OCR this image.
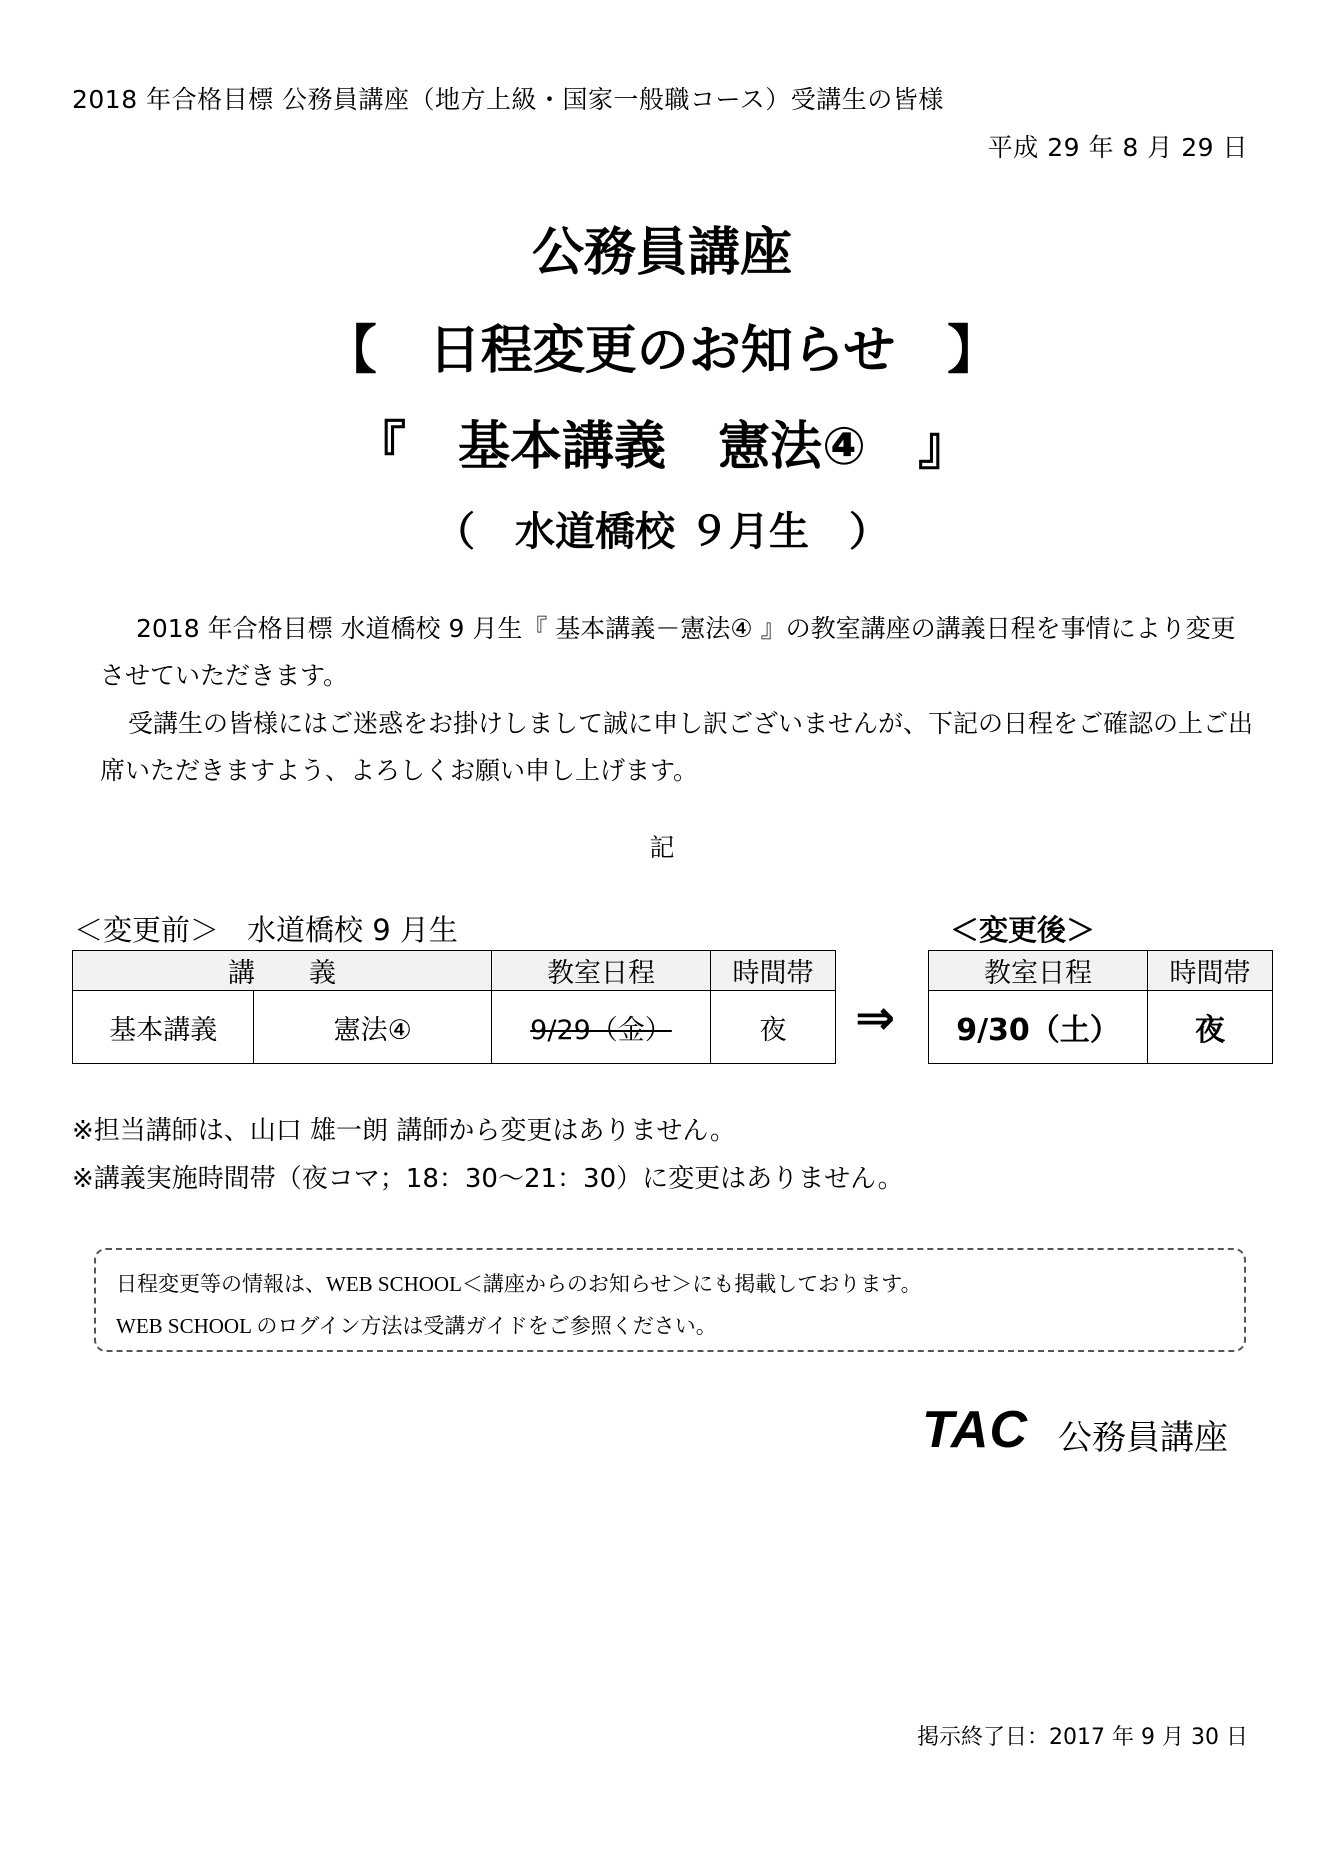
2018 年合格目標 公務員講座（地方上級・国家一般職コース）受講生の皆様
平成 29 年 8 月 29 日
公務員講座
【　日程変更のお知らせ　】
『　基本講義　憲法④　』
（　水道橋校 ９月生　）
2018 年合格目標 水道橋校 9 月生『 基本講義－憲法④ 』の教室講座の講義日程を事情により変更させていただきます。
受講生の皆様にはご迷惑をお掛けしまして誠に申し訳ございませんが、下記の日程をご確認の上ご出席いただきますよう、よろしくお願い申し上げます。
記
＜変更前＞ 水道橋校 9 月生	＜変更後＞
講　　義		教室日程	時間帯
基本講義	憲法④	9/29（金）	夜 ⇒
教室日程	時間帯
9/30（土）	夜
※担当講師は、山口 雄一朗 講師から変更はありません。
※講義実施時間帯（夜コマ；18：30～21：30）に変更はありません。
日程変更等の情報は、WEB SCHOOL＜講座からのお知らせ＞にも掲載しております。
WEB SCHOOL のログイン方法は受講ガイドをご参照ください。
TAC 公務員講座
掲示終了日：2017 年 9 月 30 日
